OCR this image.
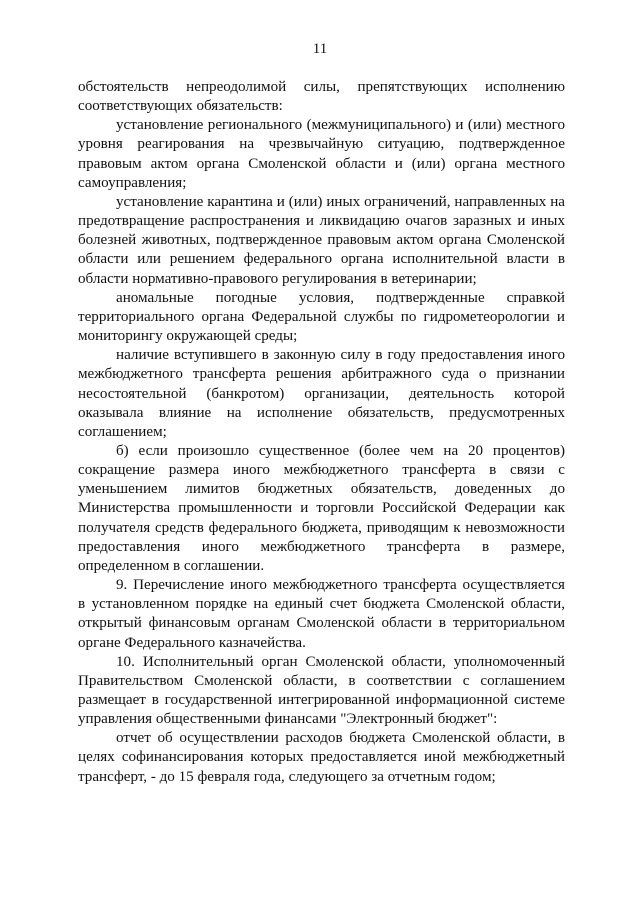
11

обстоятельств непреодолимой силы, препятствующих исполнению соответствующих обязательств:

установление регионального (межмуниципального) и (или) местного уровня реагирования на чрезвычайную ситуацию, подтвержденное правовым актом органа Смоленской области и (или) органа местного самоуправления;

установление карантина и (или) иных ограничений, направленных на предотвращение распространения и ликвидацию очагов заразных и иных болезней животных, подтвержденное правовым актом органа Смоленской области или решением федерального органа исполнительной власти в области нормативно-правового регулирования в ветеринарии;

аномальные погодные условия, подтвержденные справкой территориального органа Федеральной службы по гидрометеорологии и мониторингу окружающей среды;

наличие вступившего в законную силу в году предоставления иного межбюджетного трансферта решения арбитражного суда о признании несостоятельной (банкротом) организации, деятельность которой оказывала влияние на исполнение обязательств, предусмотренных соглашением;

б) если произошло существенное (более чем на 20 процентов) сокращение размера иного межбюджетного трансферта в связи с уменьшением лимитов бюджетных обязательств, доведенных до Министерства промышленности и торговли Российской Федерации как получателя средств федерального бюджета, приводящим к невозможности предоставления иного межбюджетного трансферта в размере, определенном в соглашении.

9. Перечисление иного межбюджетного трансферта осуществляется в установленном порядке на единый счет бюджета Смоленской области, открытый финансовым органам Смоленской области в территориальном органе Федерального казначейства.

10. Исполнительный орган Смоленской области, уполномоченный Правительством Смоленской области, в соответствии с соглашением размещает в государственной интегрированной информационной системе управления общественными финансами "Электронный бюджет":

отчет об осуществлении расходов бюджета Смоленской области, в целях софинансирования которых предоставляется иной межбюджетный трансферт, - до 15 февраля года, следующего за отчетным годом;
